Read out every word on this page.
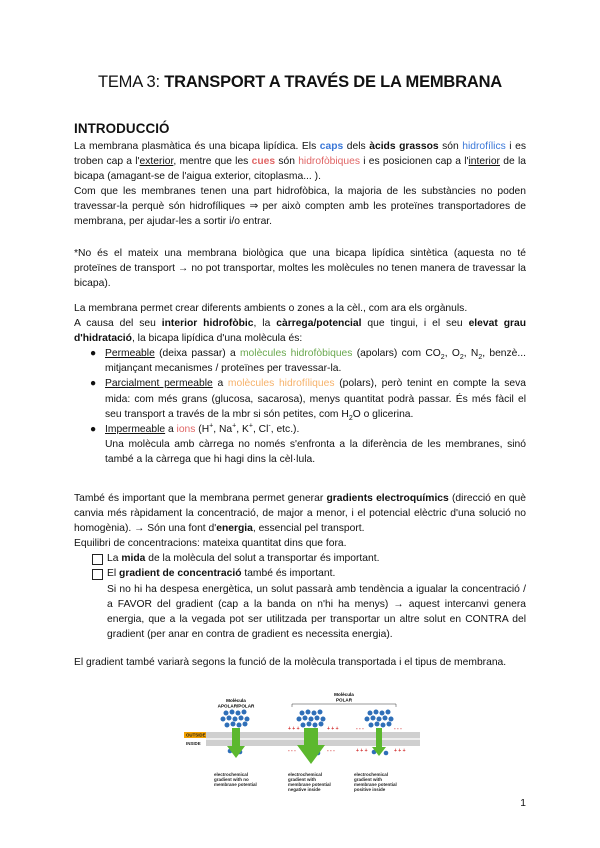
TEMA 3: TRANSPORT A TRAVÉS DE LA MEMBRANA
INTRODUCCIÓ

La membrana plasmàtica és una bicapa lipídica. Els caps dels àcids grassos són hidrofílics i es troben cap a l'exterior, mentre que les cues són hidrofòbiques i es posicionen cap a l'interior de la bicapa (amagant-se de l'aigua exterior, citoplasma... ).

Com que les membranes tenen una part hidrofòbica, la majoria de les substàncies no poden travessar-la perquè són hidrofíliques ⇒ per això compten amb les proteïnes transportadores de membrana, per ajudar-les a sortir i/o entrar.

*No és el mateix una membrana biològica que una bicapa lipídica sintètica (aquesta no té proteïnes de transport → no pot transportar, moltes les molècules no tenen manera de travessar la bicapa).

La membrana permet crear diferents ambients o zones a la cèl., com ara els orgànuls.

A causa del seu interior hidrofòbic, la càrrega/potencial que tingui, i el seu elevat grau d'hidratació, la bicapa lipídica d'una molècula és:

● Permeable (deixa passar) a molècules hidrofòbiques (apolars) com $CO_2$, $O_2$, $N_2$, benzè... mitjançant mecanismes / proteïnes per travessar-la.

● Parcialment permeable a molècules hidrofíliques (polars), però tenint en compte la seva mida: com més grans (glucosa, sacarosa), menys quantitat podrà passar. És més fàcil el seu transport a través de la mbr si són petites, com $H_2O$ o glicerina.

● Impermeable a ions (H+, Na+, K+, Cl-, etc.).

Una molècula amb càrrega no només s'enfronta a la diferència de les membranes, sinó també a la càrrega que hi hagi dins la cèl·lula.

També és important que la membrana permet generar gradients electroquímics (direcció en què canvia més ràpidament la concentració, de major a menor, i el potencial elèctric d'una solució no homogènia). → Són una font d'energia, essencial pel transport.

Equilibri de concentracions: mateixa quantitat dins que fora.

La mida de la molècula del solut a transportar és important.

El gradient de concentració també és important.

Si no hi ha despesa energètica, un solut passarà amb tendència a igualar la concentració / a FAVOR del gradient (cap a la banda on n'hi ha menys) → aquest intercanvi genera energia, que a la vegada pot ser utilitzada per transportar un altre solut en CONTRA del gradient (per anar en contra de gradient es necessita energia).

El gradient també variarà segons la funció de la molècula transportada i el tipus de membrana.

Molècula
APOLAR/POLAR
Molècula
POLAR
OUTSIDE
INSIDE
+ + +	+ + +
- - -	- - -
- - -	- - -
+ + +	+ + +
electrochemical
gradient with no
membrane potential
electrochemical
gradient with
membrane potential
negative inside
electrochemical
gradient with
membrane potential
positive inside
1
